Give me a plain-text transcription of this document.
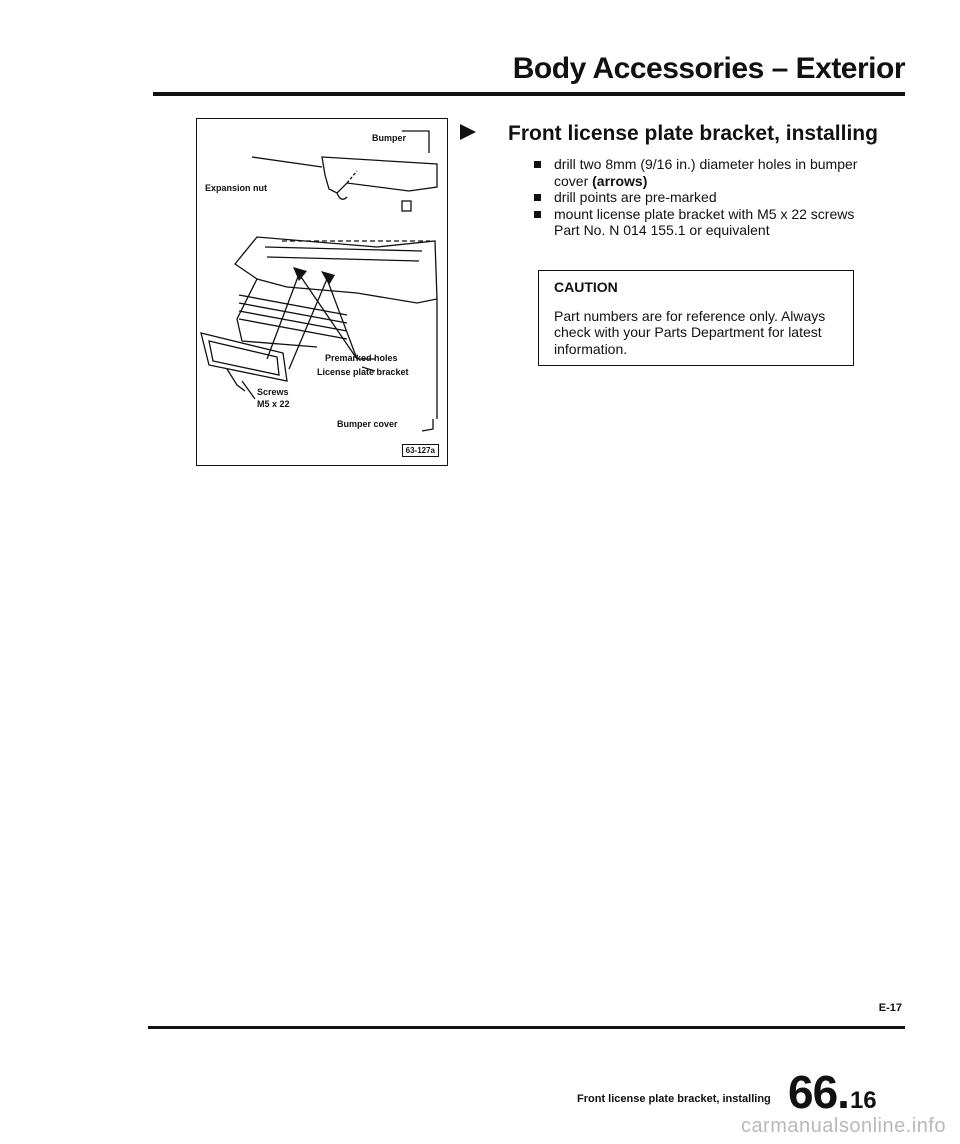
Body Accessories – Exterior
Bumper
Expansion nut
Premarked holes
License plate bracket
Screws
M5 x 22
Bumper cover
63-127a
Front license plate bracket, installing
drill two 8mm (9/16 in.) diameter holes in bumper cover (arrows)
drill points are pre-marked
mount license plate bracket with M5 x 22 screws Part No. N 014 155.1 or equivalent
CAUTION
Part numbers are for reference only. Always check with your Parts Department for latest information.
E-17
Front license plate bracket, installing 66.16
carmanualsonline.info
